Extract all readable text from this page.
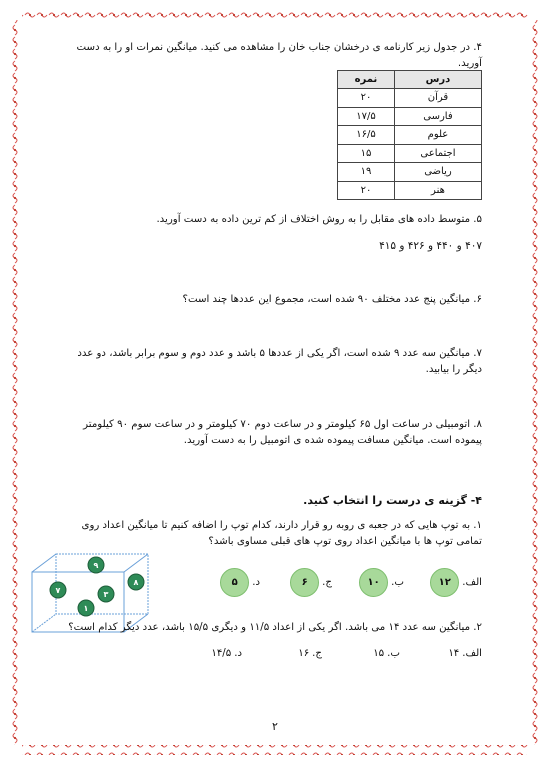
۴. در جدول زیر کارنامه ی درخشان جناب خان را مشاهده می کنید. میانگین نمرات او را به دست آورید.

درس	نمره
قرآن	۲۰
فارسی	۱۷/۵
علوم	۱۶/۵
اجتماعی	۱۵
ریاضی	۱۹
هنر	۲۰

۵. متوسط داده های مقابل را به روش اختلاف از کم ترین داده به دست آورید.

۴۰۷ و ۴۴۰ و ۴۲۶ و ۴۱۵

۶. میانگین پنج عدد مختلف ۹۰ شده است، مجموع این عددها چند است؟

۷. میانگین سه عدد ۹ شده است، اگر یکی از عددها ۵ باشد و عدد دوم و سوم برابر باشد، دو عدد دیگر را بیابید.

۸. اتومبیلی در ساعت اول ۶۵ کیلومتر و در ساعت دوم ۷۰ کیلومتر و در ساعت سوم ۹۰ کیلومتر پیموده است. میانگین مسافت پیموده شده ی اتومبیل را به دست آورید.

۴- گزینه ی درست را انتخاب کنید.

۱. به توپ هایی که در جعبه ی روبه رو قرار دارند، کدام توپ را اضافه کنیم تا میانگین اعداد روی تمامی توپ ها با میانگین اعداد روی توپ های قبلی مساوی باشد؟

الف.
۱۲
ب.
۱۰
ج.
۶
د.
۵
۹
۷	۳
۸
۱

۲. میانگین سه عدد ۱۴ می باشد. اگر یکی از اعداد ۱۱/۵ و دیگری ۱۵/۵ باشد، عدد دیگر کدام است؟

الف.
۱۴
ب.
۱۵
ج.
۱۶
د.
۱۴/۵
۲
